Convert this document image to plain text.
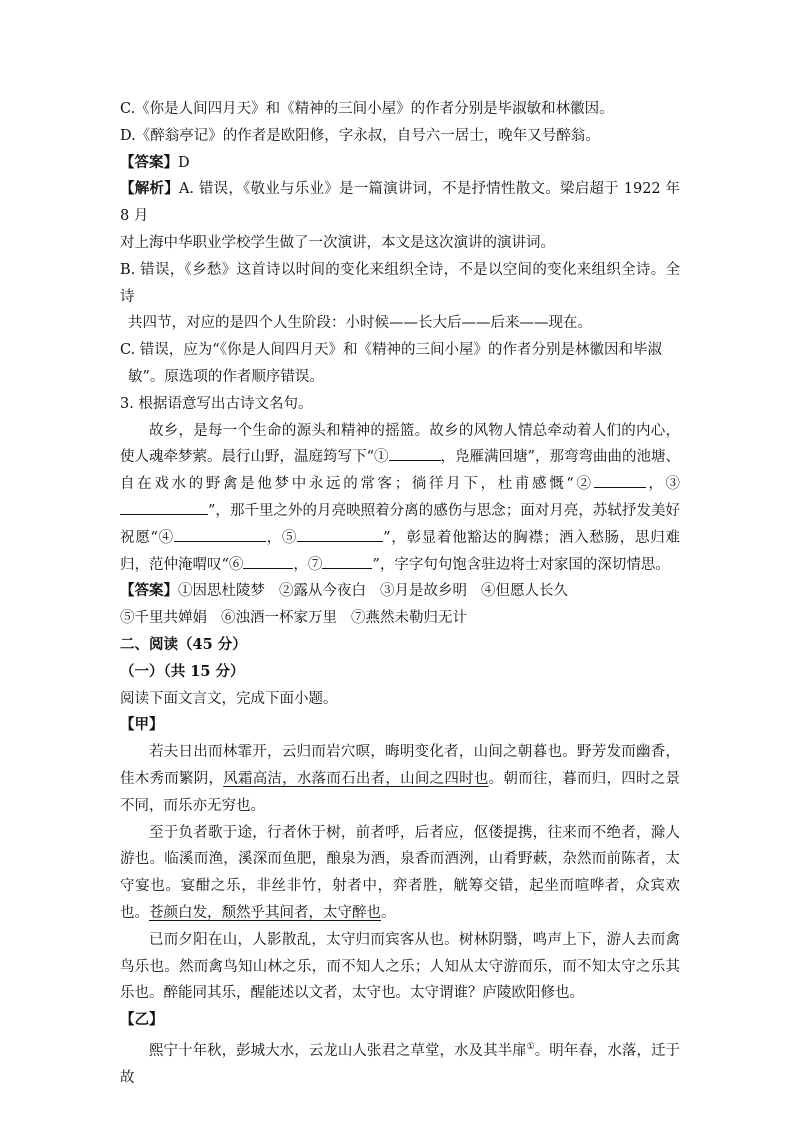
C.《你是人间四月天》和《精神的三间小屋》的作者分别是毕淑敏和林徽因。

D.《醉翁亭记》的作者是欧阳修，字永叔，自号六一居士，晚年又号醉翁。

【答案】D

【解析】A. 错误，《敬业与乐业》是一篇演讲词，不是抒情性散文。梁启超于 1922 年 8 月

对上海中华职业学校学生做了一次演讲，本文是这次演讲的演讲词。

B. 错误，《乡愁》这首诗以时间的变化来组织全诗，不是以空间的变化来组织全诗。全诗

共四节，对应的是四个人生阶段：小时候——长大后——后来——现在。

C. 错误，应为“《你是人间四月天》和《精神的三间小屋》的作者分别是林徽因和毕淑

敏”。原选项的作者顺序错误。

3. 根据语意写出古诗文名句。

故乡，是每一个生命的源头和精神的摇篮。故乡的风物人情总牵动着人们的内心，使人魂牵梦萦。晨行山野，温庭筠写下“①	，凫雁满回塘”，那弯弯曲曲的池塘、自在戏水的野禽是他梦中永远的常客；徜徉月下，杜甫感慨“②	，③”，那千里之外的月亮映照着分离的感伤与思念；面对月亮，苏轼抒发美好祝愿“④	，⑤	”，彰显着他豁达的胸襟；酒入愁肠，思归难归，范仲淹喟叹“⑥	，⑦	”，字字句句饱含驻边将士对家国的深切情思。

【答案】①因思杜陵梦 ②露从今夜白 ③月是故乡明 ④但愿人长久⑤千里共婵娟 ⑥浊酒一杯家万里 ⑦燕然未勒归无计

二、阅读（45 分）

（一）（共 15 分）

阅读下面文言文，完成下面小题。

【甲】

若夫日出而林霏开，云归而岩穴暝，晦明变化者，山间之朝暮也。野芳发而幽香，佳木秀而繁阴，风霜高洁，水落而石出者，山间之四时也。朝而往，暮而归，四时之景不同，而乐亦无穷也。

至于负者歌于途，行者休于树，前者呼，后者应，伛偻提携，往来而不绝者，滁人游也。临溪而渔，溪深而鱼肥，酿泉为酒，泉香而酒洌，山肴野蔌，杂然而前陈者，太守宴也。宴酣之乐，非丝非竹，射者中，弈者胜，觥筹交错，起坐而喧哗者，众宾欢也。苍颜白发，颓然乎其间者，太守醉也。

已而夕阳在山，人影散乱，太守归而宾客从也。树林阴翳，鸣声上下，游人去而禽鸟乐也。然而禽鸟知山林之乐，而不知人之乐；人知从太守游而乐，而不知太守之乐其乐也。醉能同其乐，醒能述以文者，太守也。太守谓谁？庐陵欧阳修也。

【乙】

熙宁十年秋，彭城大水，云龙山人张君之草堂，水及其半扉①。明年春，水落，迁于故
